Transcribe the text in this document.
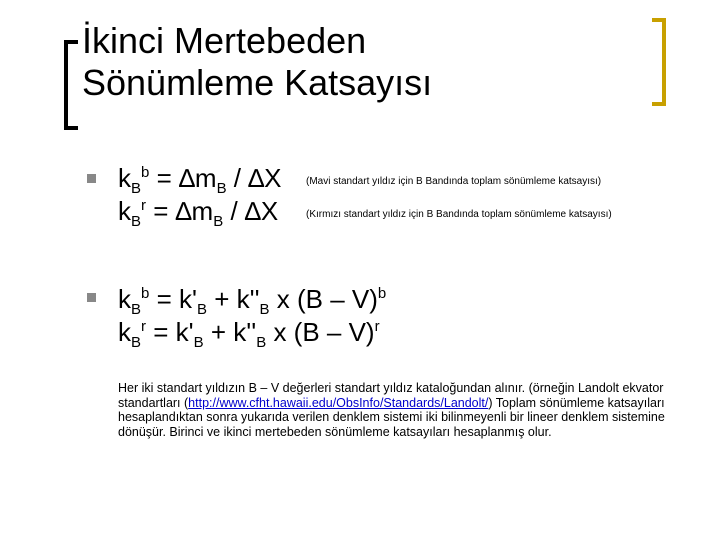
İkinci Mertebeden
Sönümleme Katsayısı
$k_B^b = \Delta m_B / \Delta X$ (Mavi standart yıldız için B Bandında toplam sönümleme katsayısı)
$k_B^r = \Delta m_B / \Delta X$	(Kırmızı standart yıldız için B Bandında toplam sönümleme katsayısı)
$k_B^b = k'_B + k''_B$ x (B – V)$^b$
$k_B^r = k'_B + k''_B$ x (B – V)$^r$
Her iki standart yıldızın B – V değerleri standart yıldız kataloğundan alınır. (örneğin Landolt ekvator standartları (http://www.cfht.hawaii.edu/ObsInfo/Standards/Landolt/) Toplam sönümleme katsayıları hesaplandıktan sonra yukarıda verilen denklem sistemi iki bilinmeyenli bir lineer denklem sistemine dönüşür. Birinci ve ikinci mertebeden sönümleme katsayıları hesaplanmış olur.
